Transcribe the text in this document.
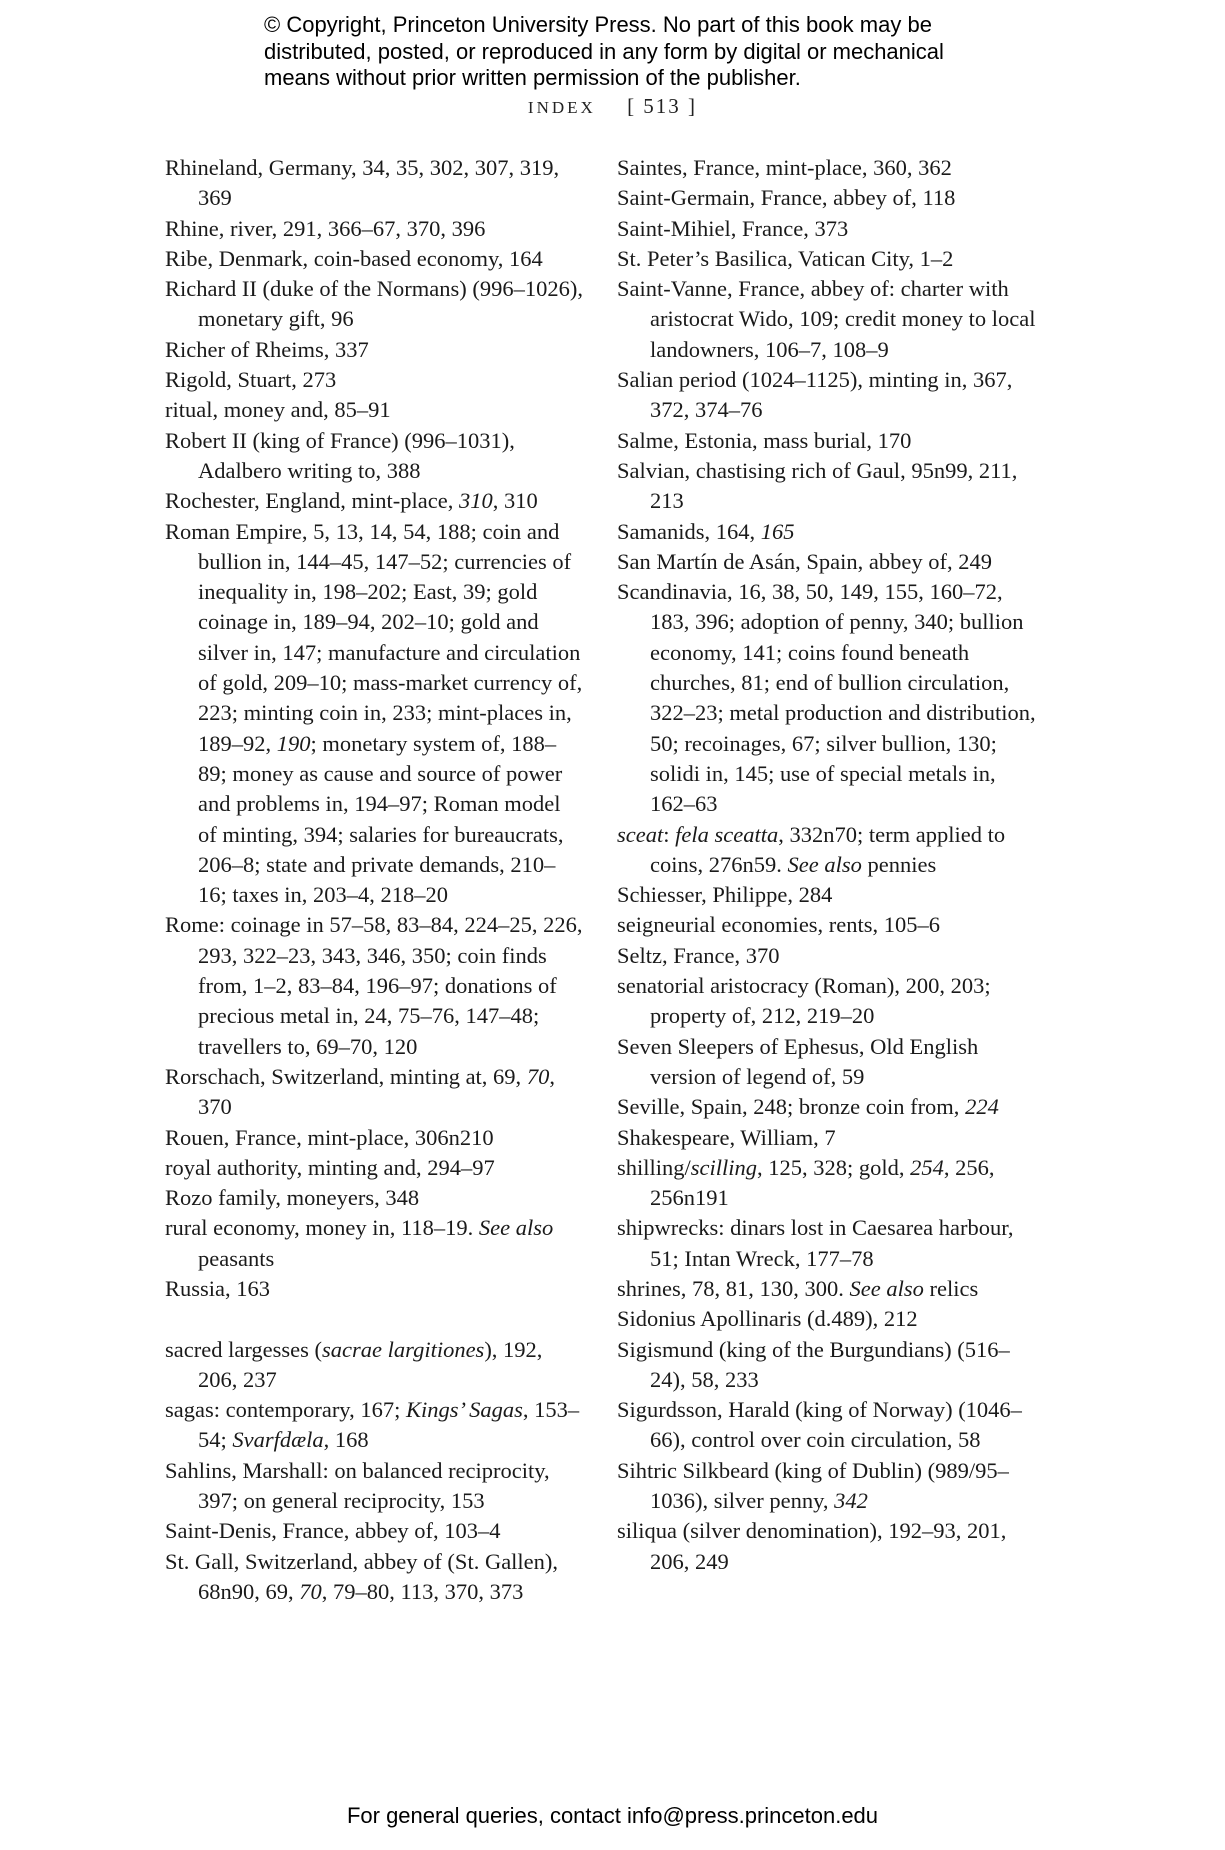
© Copyright, Princeton University Press. No part of this book may be
distributed, posted, or reproduced in any form by digital or mechanical
means without prior written permission of the publisher.
INDEX [ 513 ]

Rhineland, Germany, 34, 35, 302, 307, 319, 369

Rhine, river, 291, 366–67, 370, 396

Ribe, Denmark, coin-based economy, 164

Richard II (duke of the Normans) (996–1026), monetary gift, 96

Richer of Rheims, 337

Rigold, Stuart, 273

ritual, money and, 85–91

Robert II (king of France) (996–1031), Adalbero writing to, 388

Rochester, England, mint-place, 310, 310

Roman Empire, 5, 13, 14, 54, 188; coin and bullion in, 144–45, 147–52; currencies of inequality in, 198–202; East, 39; gold coinage in, 189–94, 202–10; gold and silver in, 147; manufacture and circulation of gold, 209–10; mass-market currency of, 223; minting coin in, 233; mint-places in, 189–92, 190; monetary system of, 188–89; money as cause and source of power and problems in, 194–97; Roman model of minting, 394; salaries for bureaucrats, 206–8; state and private demands, 210–16; taxes in, 203–4, 218–20

Rome: coinage in 57–58, 83–84, 224–25, 226, 293, 322–23, 343, 346, 350; coin finds from, 1–2, 83–84, 196–97; donations of precious metal in, 24, 75–76, 147–48; travellers to, 69–70, 120

Rorschach, Switzerland, minting at, 69, 70, 370

Rouen, France, mint-place, 306n210

royal authority, minting and, 294–97

Rozo family, moneyers, 348

rural economy, money in, 118–19. See also peasants

Russia, 163

sacred largesses (sacrae largitiones), 192, 206, 237

sagas: contemporary, 167; Kings’ Sagas, 153–54; Svarfdæla, 168

Sahlins, Marshall: on balanced reciprocity, 397; on general reciprocity, 153

Saint-Denis, France, abbey of, 103–4

St. Gall, Switzerland, abbey of (St. Gallen), 68n90, 69, 70, 79–80, 113, 370, 373

Saintes, France, mint-place, 360, 362

Saint-Germain, France, abbey of, 118

Saint-Mihiel, France, 373

St. Peter’s Basilica, Vatican City, 1–2

Saint-Vanne, France, abbey of: charter with aristocrat Wido, 109; credit money to local landowners, 106–7, 108–9

Salian period (1024–1125), minting in, 367, 372, 374–76

Salme, Estonia, mass burial, 170

Salvian, chastising rich of Gaul, 95n99, 211, 213

Samanids, 164, 165

San Martín de Asán, Spain, abbey of, 249

Scandinavia, 16, 38, 50, 149, 155, 160–72, 183, 396; adoption of penny, 340; bullion economy, 141; coins found beneath churches, 81; end of bullion circulation, 322–23; metal production and distribution, 50; recoinages, 67; silver bullion, 130; solidi in, 145; use of special metals in, 162–63

sceat: fela sceatta, 332n70; term applied to coins, 276n59. See also pennies

Schiesser, Philippe, 284

seigneurial economies, rents, 105–6

Seltz, France, 370

senatorial aristocracy (Roman), 200, 203; property of, 212, 219–20

Seven Sleepers of Ephesus, Old English version of legend of, 59

Seville, Spain, 248; bronze coin from, 224

Shakespeare, William, 7

shilling/scilling, 125, 328; gold, 254, 256, 256n191

shipwrecks: dinars lost in Caesarea harbour, 51; Intan Wreck, 177–78

shrines, 78, 81, 130, 300. See also relics

Sidonius Apollinaris (d.489), 212

Sigismund (king of the Burgundians) (516–24), 58, 233

Sigurdsson, Harald (king of Norway) (1046–66), control over coin circulation, 58

Sihtric Silkbeard (king of Dublin) (989/95–1036), silver penny, 342

siliqua (silver denomination), 192–93, 201, 206, 249

For general queries, contact info@press.princeton.edu
